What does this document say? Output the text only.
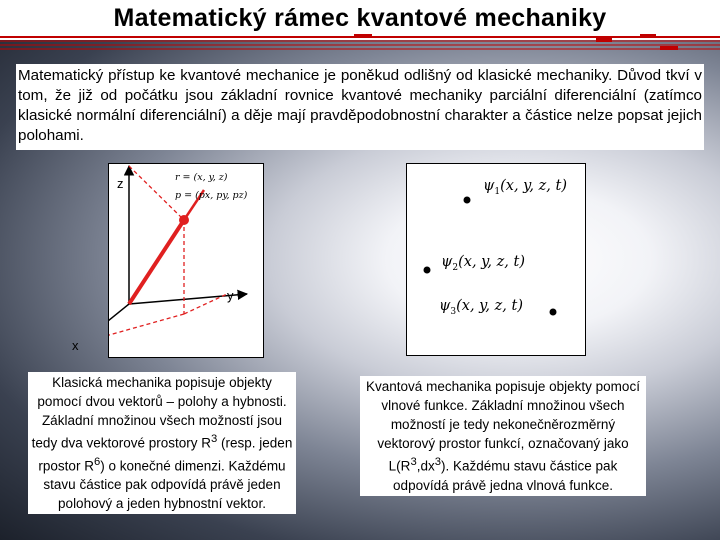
Matematický rámec kvantové mechaniky
Matematický přístup ke kvantové mechanice je poněkud odlišný od klasické mechaniky. Důvod tkví v tom, že již od počátku jsou základní rovnice kvantové mechaniky parciální diferenciální (zatímco klasické normální diferenciální) a děje mají pravděpodobnostní charakter a částice nelze popsat jejich polohami.
z
y
r = (x, y, z)
p = (px, py, pz)
x
$\psi_1(x$, y, z, t)
$\psi_2(x$, y, z, t)
$\psi_3(x$, y, z, t)
Klasická mechanika popisuje objekty pomocí dvou vektorů – polohy a hybnosti. Základní množinou všech možností jsou tedy dva vektorové prostory $R^3$ (resp. jeden rpostor $R^6$) o konečné dimenzi. Každému stavu částice pak odpovídá právě jeden polohový a jeden hybnostní vektor.
Kvantová mechanika popisuje objekty pomocí vlnové funkce. Základní množinou všech možností je tedy nekonečněrozměrný vektorový prostor funkcí, označovaný jako $L(R^3,dx^3)$. Každému stavu částice pak odpovídá právě jedna vlnová funkce.
